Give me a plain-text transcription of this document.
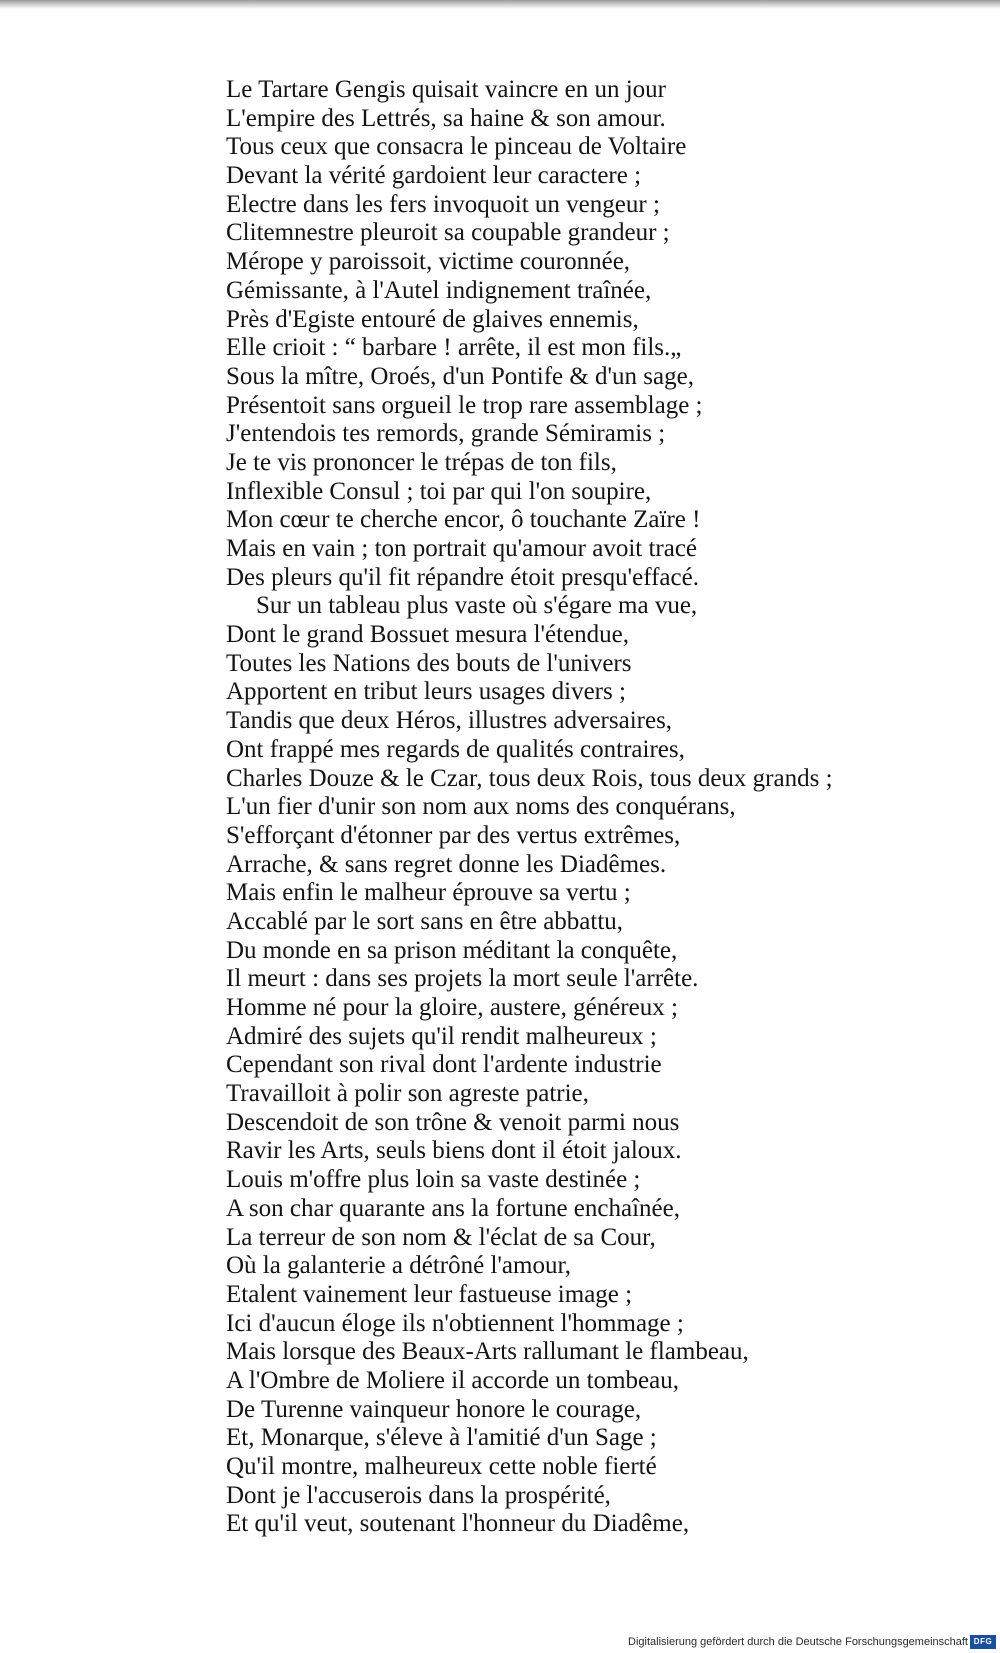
Le Tartare Gengis quisait vaincre en un jour
L'empire des Lettrés, sa haine & son amour.
Tous ceux que consacra le pinceau de Voltaire
Devant la vérité gardoient leur caractere ;
Electre dans les fers invoquoit un vengeur ;
Clitemnestre pleuroit sa coupable grandeur ;
Mérope y paroissoit, victime couronnée,
Gémissante, à l'Autel indignement traînée,
Près d'Egiste entouré de glaives ennemis,
Elle crioit : “ barbare ! arrête, il est mon fils.„
Sous la mître, Oroés, d'un Pontife & d'un sage,
Présentoit sans orgueil le trop rare assemblage ;
J'entendois tes remords, grande Sémiramis ;
Je te vis prononcer le trépas de ton fils,
Inflexible Consul ; toi par qui l'on soupire,
Mon cœur te cherche encor, ô touchante Zaïre !
Mais en vain ; ton portrait qu'amour avoit tracé
Des pleurs qu'il fit répandre étoit presqu'effacé.
Sur un tableau plus vaste où s'égare ma vue,
Dont le grand Bossuet mesura l'étendue,
Toutes les Nations des bouts de l'univers
Apportent en tribut leurs usages divers ;
Tandis que deux Héros, illustres adversaires,
Ont frappé mes regards de qualités contraires,
Charles Douze & le Czar, tous deux Rois, tous deux grands ;
L'un fier d'unir son nom aux noms des conquérans,
S'efforçant d'étonner par des vertus extrêmes,
Arrache, & sans regret donne les Diadêmes.
Mais enfin le malheur éprouve sa vertu ;
Accablé par le sort sans en être abbattu,
Du monde en sa prison méditant la conquête,
Il meurt : dans ses projets la mort seule l'arrête.
Homme né pour la gloire, austere, généreux ;
Admiré des sujets qu'il rendit malheureux ;
Cependant son rival dont l'ardente industrie
Travailloit à polir son agreste patrie,
Descendoit de son trône & venoit parmi nous
Ravir les Arts, seuls biens dont il étoit jaloux.
Louis m'offre plus loin sa vaste destinée ;
A son char quarante ans la fortune enchaînée,
La terreur de son nom & l'éclat de sa Cour,
Où la galanterie a détrôné l'amour,
Etalent vainement leur fastueuse image ;
Ici d'aucun éloge ils n'obtiennent l'hommage ;
Mais lorsque des Beaux-Arts rallumant le flambeau,
A l'Ombre de Moliere il accorde un tombeau,
De Turenne vainqueur honore le courage,
Et, Monarque, s'éleve à l'amitié d'un Sage ;
Qu'il montre, malheureux cette noble fierté
Dont je l'accuserois dans la prospérité,
Et qu'il veut, soutenant l'honneur du Diadême,
Digitalisierung gefördert durch die Deutsche Forschungsgemeinschaft DFG
